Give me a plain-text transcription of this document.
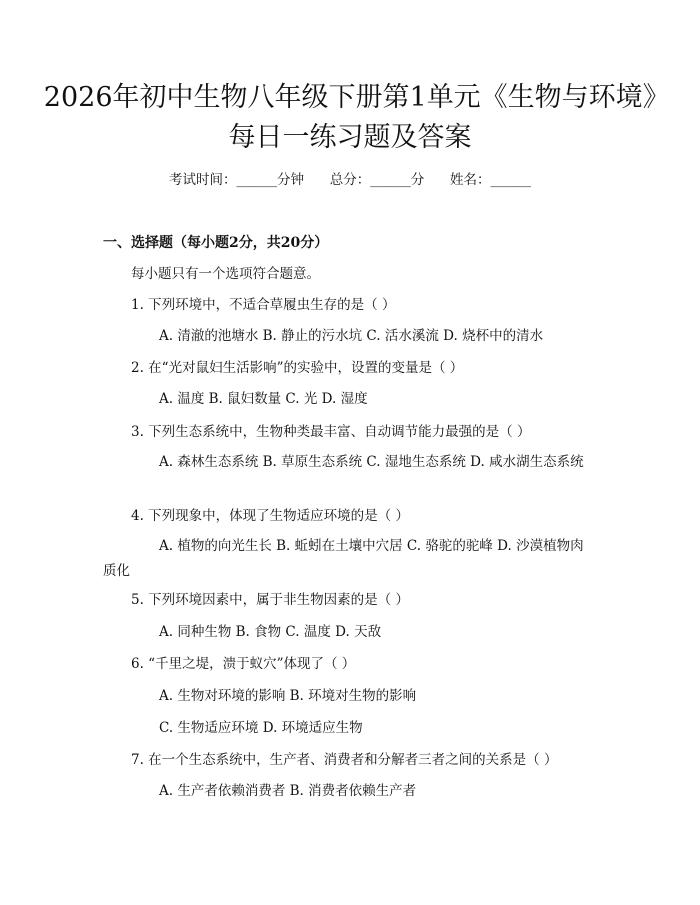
2026年初中生物八年级下册第1单元《生物与环境》每日一练习题及答案
考试时间：______分钟      总分：______分      姓名：______
一、选择题（每小题2分，共20分）
每小题只有一个选项符合题意。
1. 下列环境中，不适合草履虫生存的是（ ）
A. 清澈的池塘水 B. 静止的污水坑 C. 活水溪流 D. 烧杯中的清水
2. 在“光对鼠妇生活影响”的实验中，设置的变量是（ ）
A. 温度 B. 鼠妇数量 C. 光 D. 湿度
3. 下列生态系统中，生物种类最丰富、自动调节能力最强的是（ ）
A. 森林生态系统 B. 草原生态系统 C. 湿地生态系统 D. 咸水湖生态系统
4. 下列现象中，体现了生物适应环境的是（ ）
A. 植物的向光生长 B. 蚯蚓在土壤中穴居 C. 骆驼的驼峰 D. 沙漠植物肉质化
5. 下列环境因素中，属于非生物因素的是（ ）
A. 同种生物 B. 食物 C. 温度 D. 天敌
6. “千里之堤，溃于蚁穴”体现了（ ）
A. 生物对环境的影响 B. 环境对生物的影响
C. 生物适应环境 D. 环境适应生物
7. 在一个生态系统中，生产者、消费者和分解者三者之间的关系是（ ）
A. 生产者依赖消费者 B. 消费者依赖生产者
